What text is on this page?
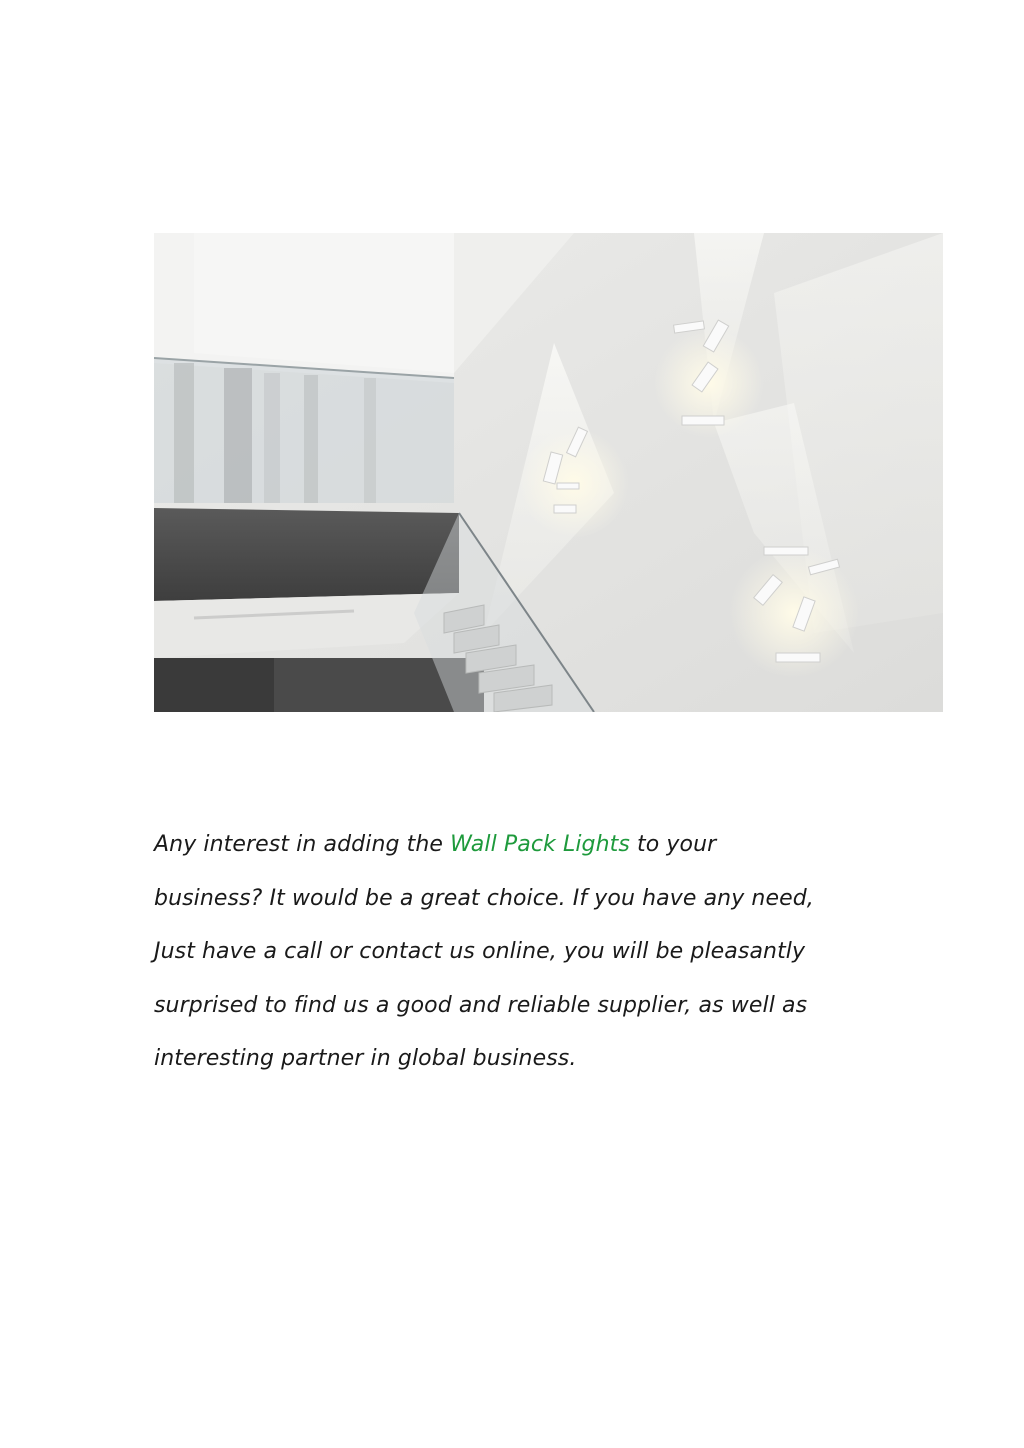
Any interest in adding the Wall Pack Lights to your
business? It would be a great choice. If you have any need,
Just have a call or contact us online, you will be pleasantly
surprised to find us a good and reliable supplier, as well as
interesting partner in global business.
